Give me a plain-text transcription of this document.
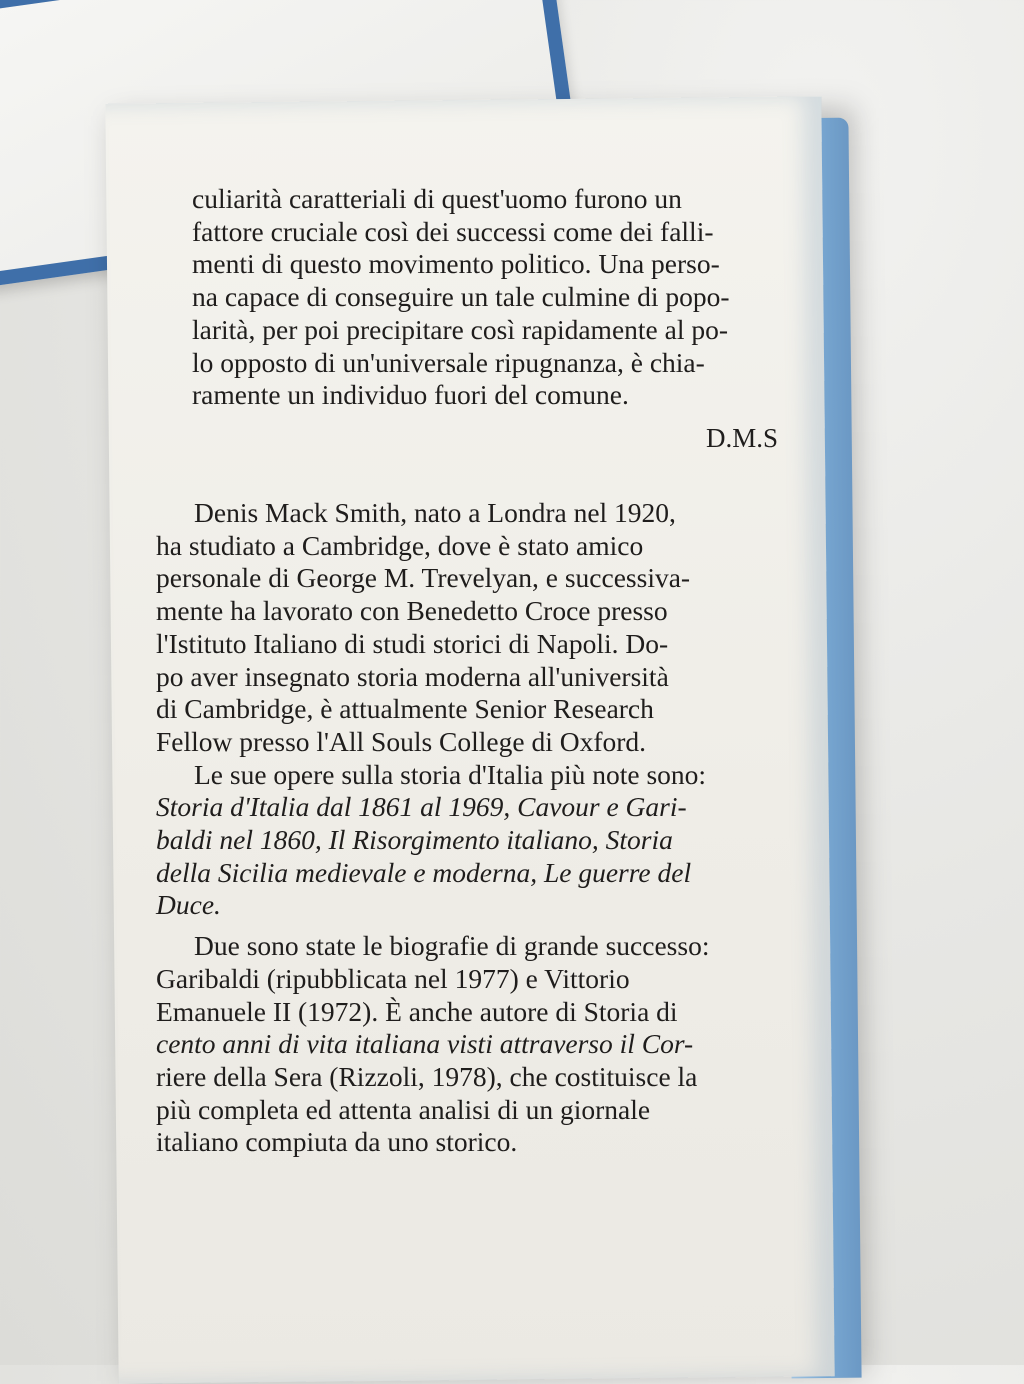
culiarità caratteriali di quest'uomo furono un
fattore cruciale così dei successi come dei falli-
menti di questo movimento politico. Una perso-
na capace di conseguire un tale culmine di popo-
larità, per poi precipitare così rapidamente al po-
lo opposto di un'universale ripugnanza, è chia-
ramente un individuo fuori del comune.
D.M.S
Denis Mack Smith, nato a Londra nel 1920,
ha studiato a Cambridge, dove è stato amico
personale di George M. Trevelyan, e successiva-
mente ha lavorato con Benedetto Croce presso
l'Istituto Italiano di studi storici di Napoli. Do-
po aver insegnato storia moderna all'università
di Cambridge, è attualmente Senior Research
Fellow presso l'All Souls College di Oxford.
Le sue opere sulla storia d'Italia più note sono:
Storia d'Italia dal 1861 al 1969, Cavour e Gari-
baldi nel 1860, Il Risorgimento italiano, Storia
della Sicilia medievale e moderna, Le guerre del
Duce.
Due sono state le biografie di grande successo:
Garibaldi (ripubblicata nel 1977) e Vittorio
Emanuele II (1972). È anche autore di Storia di
cento anni di vita italiana visti attraverso il Cor-
riere della Sera (Rizzoli, 1978), che costituisce la
più completa ed attenta analisi di un giornale
italiano compiuta da uno storico.
